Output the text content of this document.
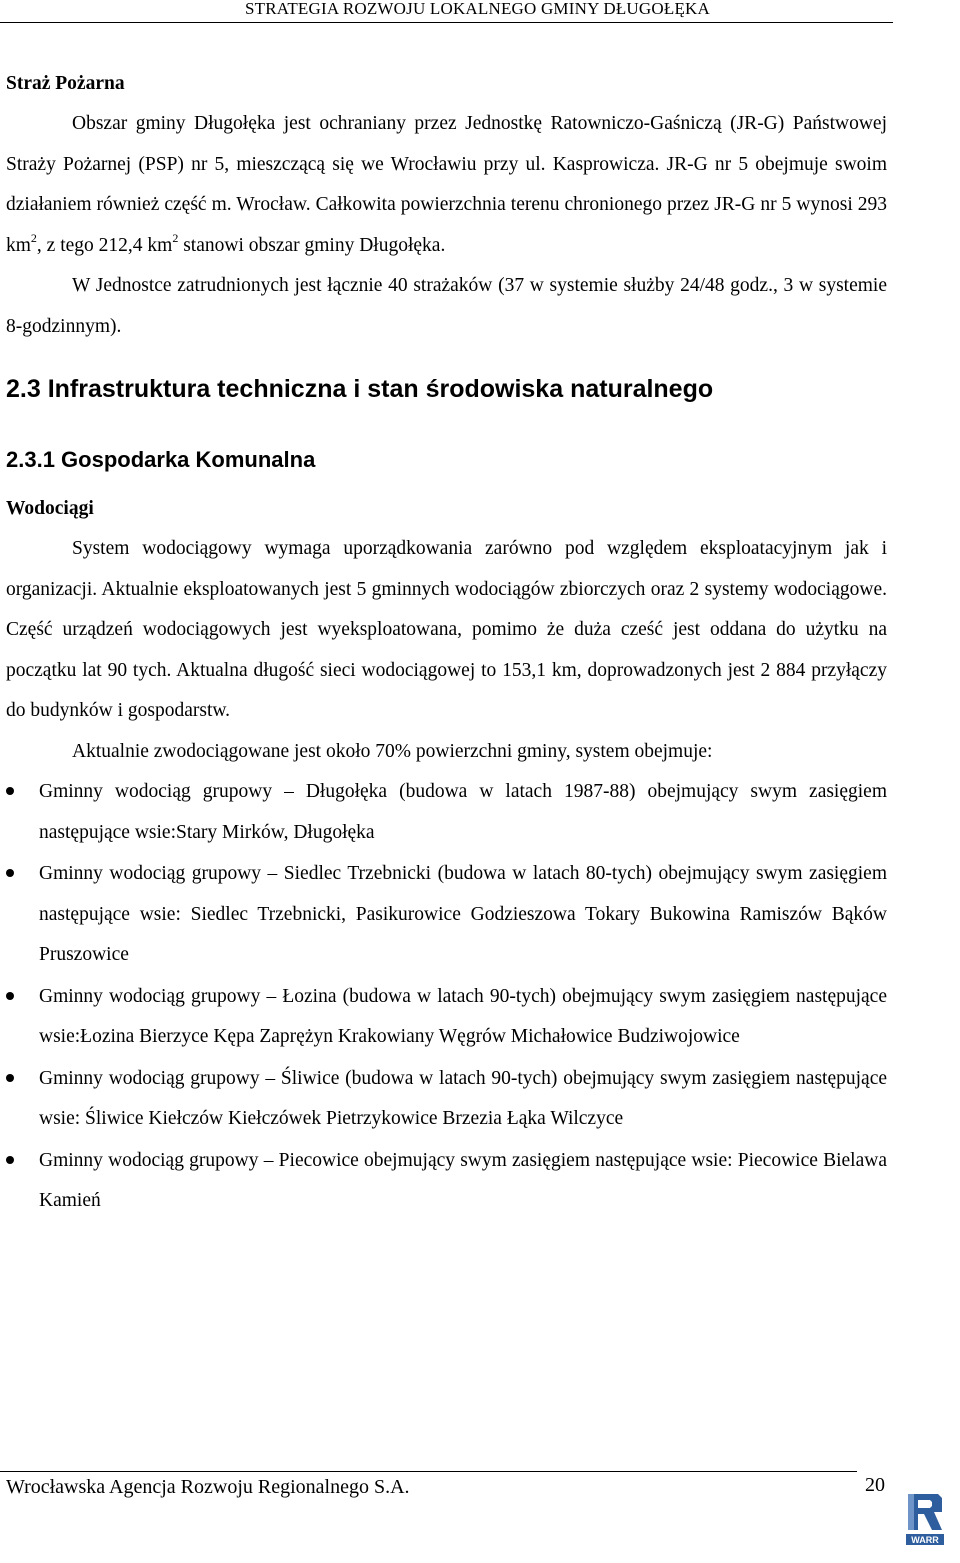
STRATEGIA ROZWOJU LOKALNEGO GMINY DŁUGOŁĘKA

Straż Pożarna

Obszar gminy Długołęka jest ochraniany przez Jednostkę Ratowniczo-Gaśniczą (JR-G) Państwowej Straży Pożarnej (PSP) nr 5, mieszczącą się we Wrocławiu przy ul. Kasprowicza. JR-G nr 5 obejmuje swoim działaniem również część m. Wrocław. Całkowita powierzchnia terenu chronionego przez JR-G nr 5 wynosi 293 $km^2$, z tego 212,4 $km^2$ stanowi obszar gminy Długołęka.

W Jednostce zatrudnionych jest łącznie 40 strażaków (37 w systemie służby 24/48 godz., 3 w systemie 8-godzinnym).

2.3 Infrastruktura techniczna i stan środowiska naturalnego
2.3.1 Gospodarka Komunalna

Wodociągi

System wodociągowy wymaga uporządkowania zarówno pod względem eksploatacyjnym jak i organizacji. Aktualnie eksploatowanych jest 5 gminnych wodociągów zbiorczych oraz 2 systemy wodociągowe. Część urządzeń wodociągowych jest wyeksploatowana, pomimo że duża cześć jest oddana do użytku na początku lat 90 tych. Aktualna długość sieci wodociągowej to 153,1 km, doprowadzonych jest 2 884 przyłączy do budynków i gospodarstw.

Aktualnie zwodociągowane jest około 70% powierzchni gminy, system obejmuje:

Gminny wodociąg grupowy – Długołęka (budowa w latach 1987-88) obejmujący swym zasięgiem następujące wsie:Stary Mirków, Długołęka
Gminny wodociąg grupowy – Siedlec Trzebnicki (budowa w latach 80-tych) obejmujący swym zasięgiem następujące wsie: Siedlec Trzebnicki, Pasikurowice Godzieszowa Tokary Bukowina Ramiszów Bąków Pruszowice
Gminny wodociąg grupowy – Łozina (budowa w latach 90-tych) obejmujący swym zasięgiem następujące wsie:Łozina Bierzyce Kępa Zaprężyn Krakowiany Węgrów Michałowice Budziwojowice
Gminny wodociąg grupowy – Śliwice (budowa w latach 90-tych) obejmujący swym zasięgiem następujące wsie: Śliwice Kiełczów Kiełczówek Pietrzykowice Brzezia Łąka Wilczyce
Gminny wodociąg grupowy – Piecowice obejmujący swym zasięgiem następujące wsie: Piecowice Bielawa Kamień
Wrocławska Agencja Rozwoju Regionalnego S.A.	20
WARR
